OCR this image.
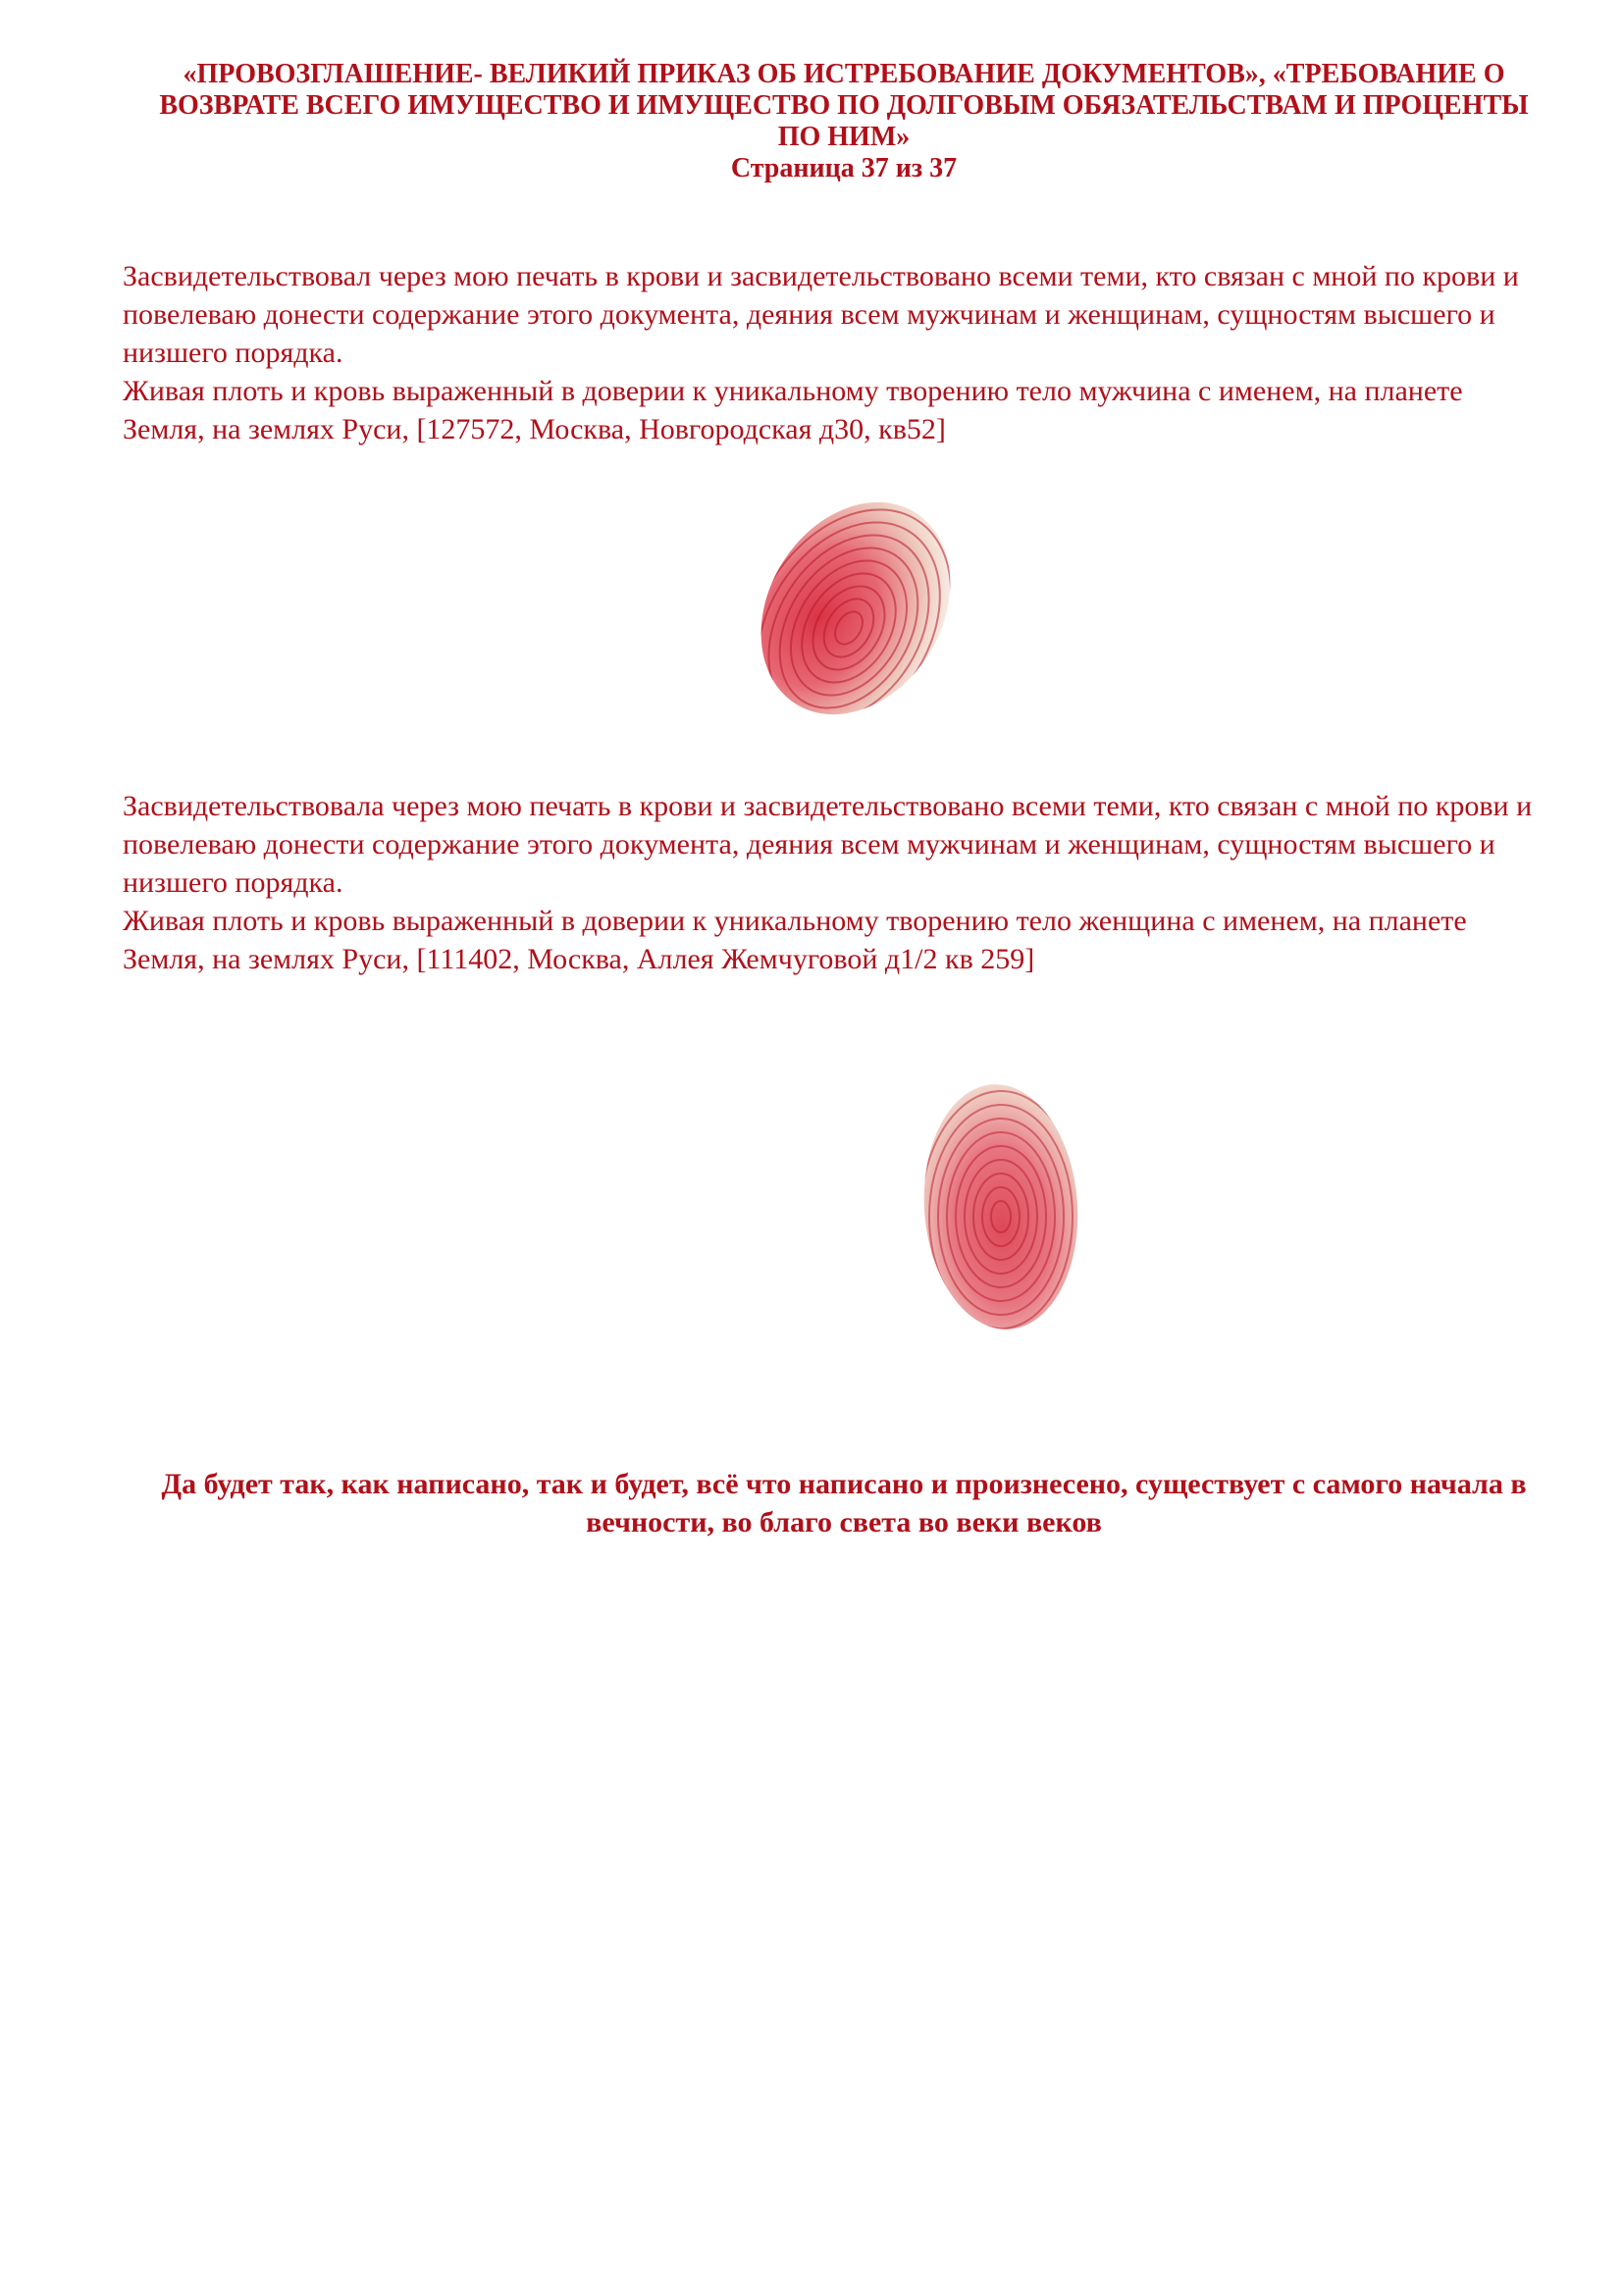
«ПРОВОЗГЛАШЕНИЕ- ВЕЛИКИЙ ПРИКАЗ ОБ ИСТРЕБОВАНИЕ ДОКУМЕНТОВ», «ТРЕБОВАНИЕ О ВОЗВРАТЕ ВСЕГО ИМУЩЕСТВО И ИМУЩЕСТВО ПО ДОЛГОВЫМ ОБЯЗАТЕЛЬСТВАМ И ПРОЦЕНТЫ ПО НИМ»
Страница 37 из 37

Засвидетельствовал через мою печать в крови и засвидетельствовано всеми теми, кто связан с мной по крови и повелеваю донести содержание этого документа, деяния всем мужчинам и женщинам, сущностям высшего и низшего порядка.

Живая плоть и кровь выраженный в доверии к уникальному творению тело мужчина с именем, на планете Земля, на землях Руси, [127572, Москва, Новгородская д30, кв52]

Засвидетельствовала через мою печать в крови и засвидетельствовано всеми теми, кто связан с мной по крови и повелеваю донести содержание этого документа, деяния всем мужчинам и женщинам, сущностям высшего и низшего порядка.

Живая плоть и кровь выраженный в доверии к уникальному творению тело женщина с именем, на планете Земля, на землях Руси, [111402, Москва, Аллея Жемчуговой д1/2 кв 259]

Да будет так, как написано, так и будет, всё что написано и произнесено, существует с самого начала в вечности, во благо света во веки веков
